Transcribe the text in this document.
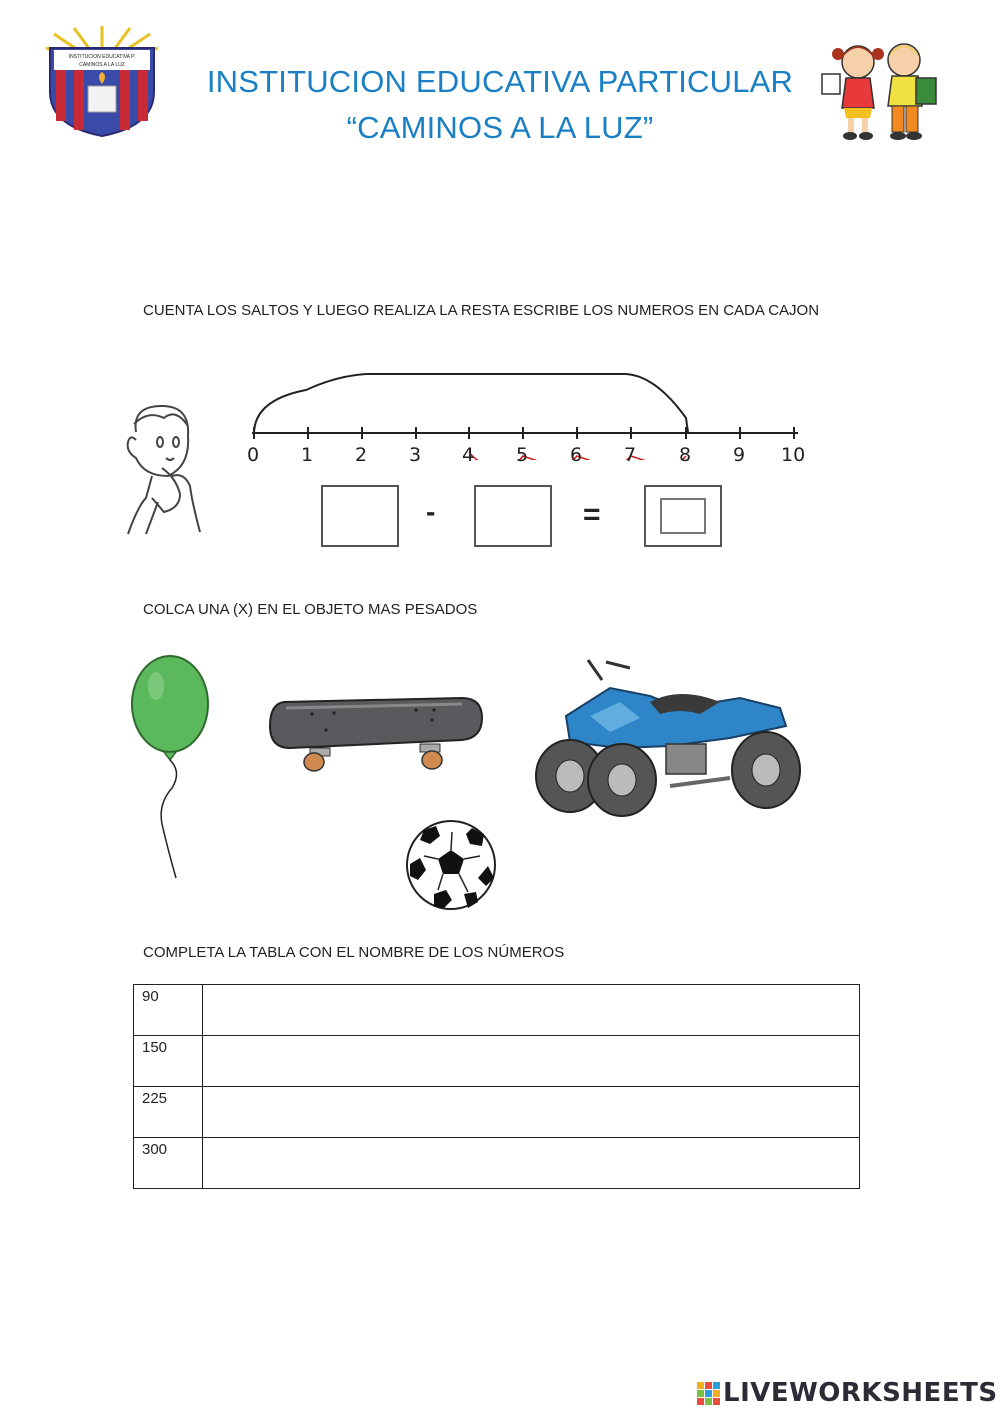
INSTITUCION EDUCATIVA P.
CAMINOS A LA LUZ	INSTITUCION EDUCATIVA PARTICULAR
“CAMINOS A LA LUZ”
CUENTA LOS SALTOS Y LUEGO REALIZA LA RESTA ESCRIBE LOS NUMEROS EN CADA CAJON
0 1 2 3 4 5 6 7 8 9 10
-	=
COLCA UNA (X) EN EL OBJETO MAS PESADOS
COMPLETA LA TABLA CON EL NOMBRE DE LOS NÚMEROS
90	
150	
225	
300	
LIVEWORKSHEETS
